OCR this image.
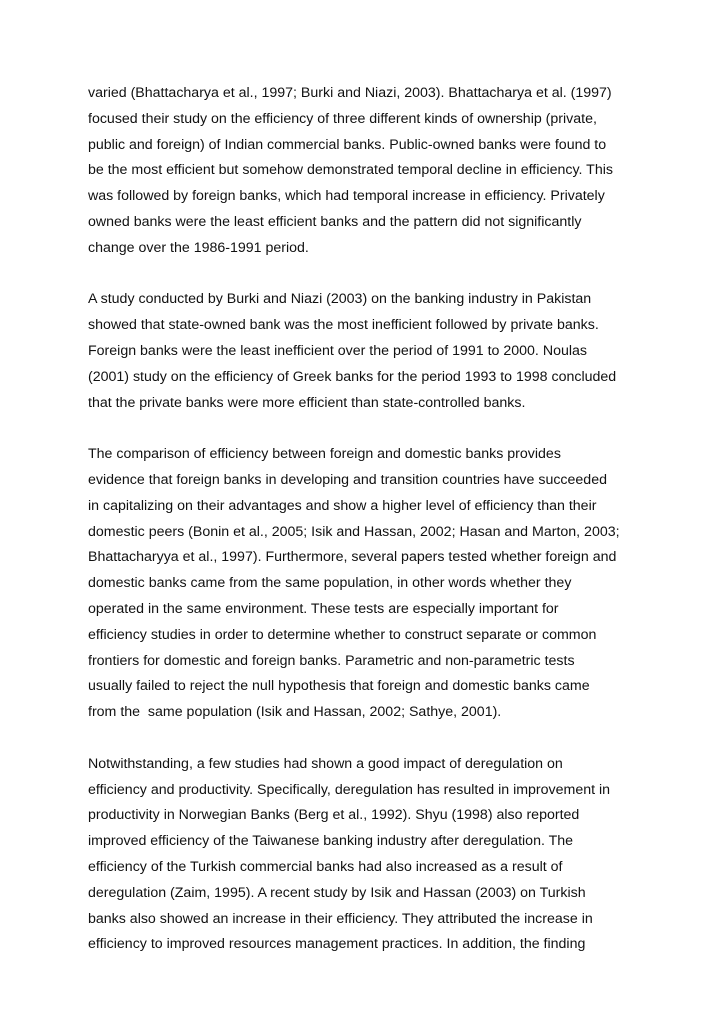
varied (Bhattacharya et al., 1997; Burki and Niazi, 2003). Bhattacharya et al. (1997)
focused their study on the efficiency of three different kinds of ownership (private,
public and foreign) of Indian commercial banks. Public-owned banks were found to
be the most efficient but somehow demonstrated temporal decline in efficiency. This
was followed by foreign banks, which had temporal increase in efficiency. Privately
owned banks were the least efficient banks and the pattern did not significantly
change over the 1986-1991 period.
A study conducted by Burki and Niazi (2003) on the banking industry in Pakistan
showed that state-owned bank was the most inefficient followed by private banks.
Foreign banks were the least inefficient over the period of 1991 to 2000. Noulas
(2001) study on the efficiency of Greek banks for the period 1993 to 1998 concluded
that the private banks were more efficient than state-controlled banks.
The comparison of efficiency between foreign and domestic banks provides
evidence that foreign banks in developing and transition countries have succeeded
in capitalizing on their advantages and show a higher level of efficiency than their
domestic peers (Bonin et al., 2005; Isik and Hassan, 2002; Hasan and Marton, 2003;
Bhattacharyya et al., 1997). Furthermore, several papers tested whether foreign and
domestic banks came from the same population, in other words whether they
operated in the same environment. These tests are especially important for
efficiency studies in order to determine whether to construct separate or common
frontiers for domestic and foreign banks. Parametric and non-parametric tests
usually failed to reject the null hypothesis that foreign and domestic banks came
from the  same population (Isik and Hassan, 2002; Sathye, 2001).
Notwithstanding, a few studies had shown a good impact of deregulation on
efficiency and productivity. Specifically, deregulation has resulted in improvement in
productivity in Norwegian Banks (Berg et al., 1992). Shyu (1998) also reported
improved efficiency of the Taiwanese banking industry after deregulation. The
efficiency of the Turkish commercial banks had also increased as a result of
deregulation (Zaim, 1995). A recent study by Isik and Hassan (2003) on Turkish
banks also showed an increase in their efficiency. They attributed the increase in
efficiency to improved resources management practices. In addition, the finding
